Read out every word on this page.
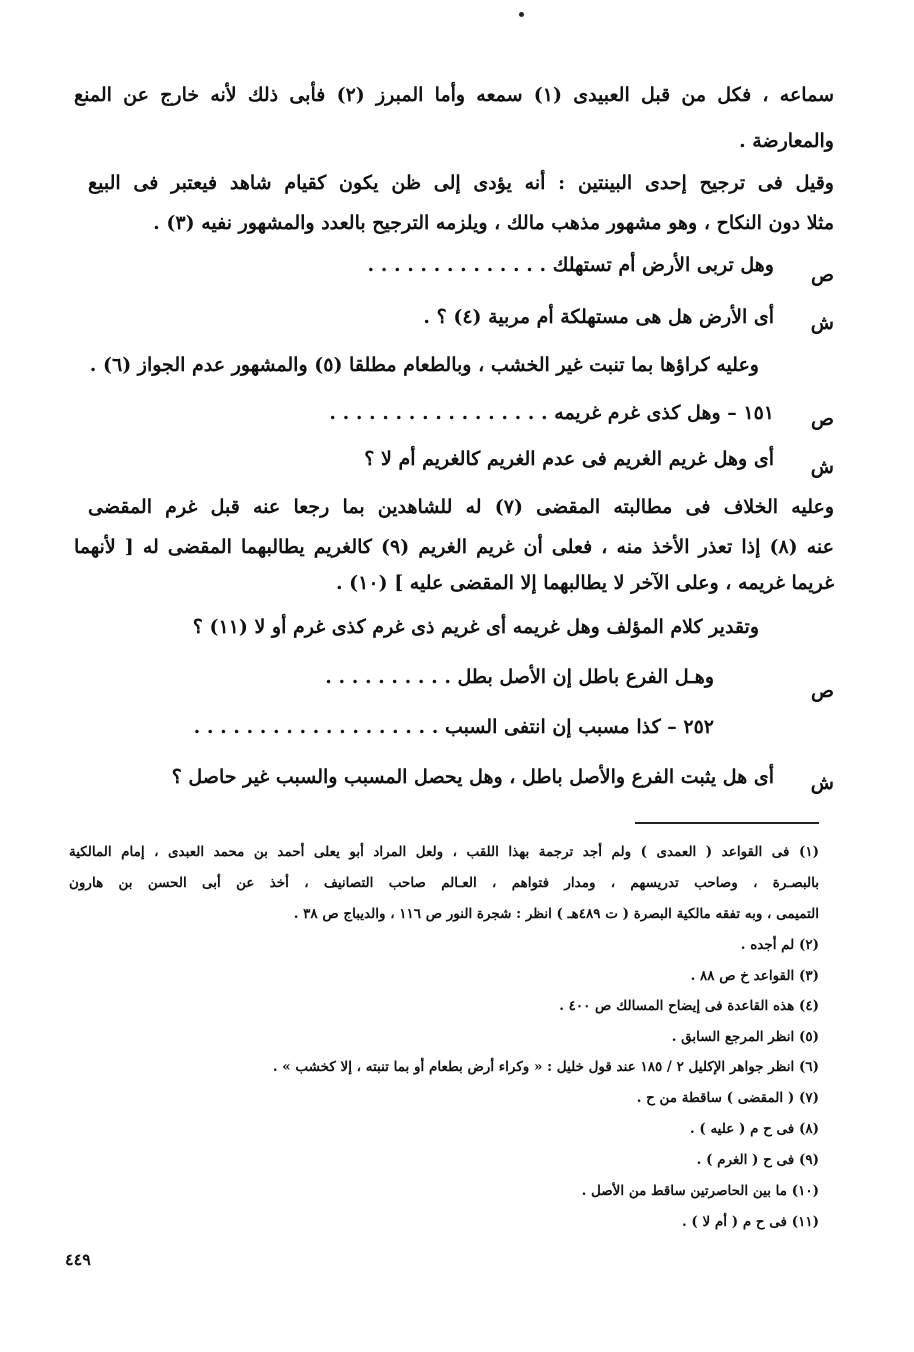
سماعه ، فكل من قبل العبيدى (١) سمعه وأما المبرز (٢) فأبى ذلك لأنه خارج عن المنع
والمعارضة .
وقيل فى ترجيح إحدى البينتين : أنه يؤدى إلى ظن يكون كقيام شاهد فيعتبر فى البيع
مثلا دون النكاح ، وهو مشهور مذهب مالك ، ويلزمه الترجيح بالعدد والمشهور نفيه (٣) .
ص
وهل تربى الأرض أم تستهلك . . . . . . . . . . . . . .
ش
أى الأرض هل هى مستهلكة أم مربية (٤) ؟ .
وعليه كراؤها بما تنبت غير الخشب ، وبالطعام مطلقا (٥) والمشهور عدم الجواز (٦) .
ص
١٥١ – وهل كذى غرم غريمه . . . . . . . . . . . . . . . . .
ش
أى وهل غريم الغريم فى عدم الغريم كالغريم أم لا ؟
وعليه الخلاف فى مطالبته المقضى (٧) له للشاهدين بما رجعا عنه قبل غرم المقضى
عنه (٨) إذا تعذر الأخذ منه ، فعلى أن غريم الغريم (٩) كالغريم يطالبهما المقضى له [ لأنهما
غريما غريمه ، وعلى الآخر لا يطالبهما إلا المقضى عليه ] (١٠) .
وتقدير كلام المؤلف وهل غريمه أى غريم ذى غرم كذى غرم أو لا (١١) ؟
ص
وهـل الفرع باطل إن الأصل بطل . . . . . . . . . .
٢٥٢ – كذا مسبب إن انتفى السبب . . . . . . . . . . . . . . . . . . .
ش
أى هل يثبت الفرع والأصل باطل ، وهل يحصل المسبب والسبب غير حاصل ؟
(١) فى القواعد ( العمدى ) ولم أجد ترجمة بهذا اللقب ، ولعل المراد أبو يعلى أحمد بن محمد العبدى ، إمام المالكية
بالبصـرة ، وصاحب تدريسهم ، ومدار فتواهم ، العـالم صاحب التصانيف ، أخذ عن أبى الحسن بن هارون
التميمى ، وبه تفقه مالكية البصرة ( ت ٤٨٩هـ ) انظر : شجرة النور ص ١١٦ ، والديباج ص ٣٨ .
(٢) لم أجده .
(٣) القواعد خ ص ٨٨ .
(٤) هذه القاعدة فى إيضاح المسالك ص ٤٠٠ .
(٥) انظر المرجع السابق .
(٦) انظر جواهر الإكليل ٢ / ١٨٥ عند قول خليل : « وكراء أرض بطعام أو بما تنبته ، إلا كخشب » .
(٧) ( المقضى ) ساقطة من ح .
(٨) فى ح م ( عليه ) .
(٩) فى ح ( الغرم ) .
(١٠) ما بين الحاصرتين ساقط من الأصل .
(١١) فى ح م ( أم لا ) .
٤٤٩
